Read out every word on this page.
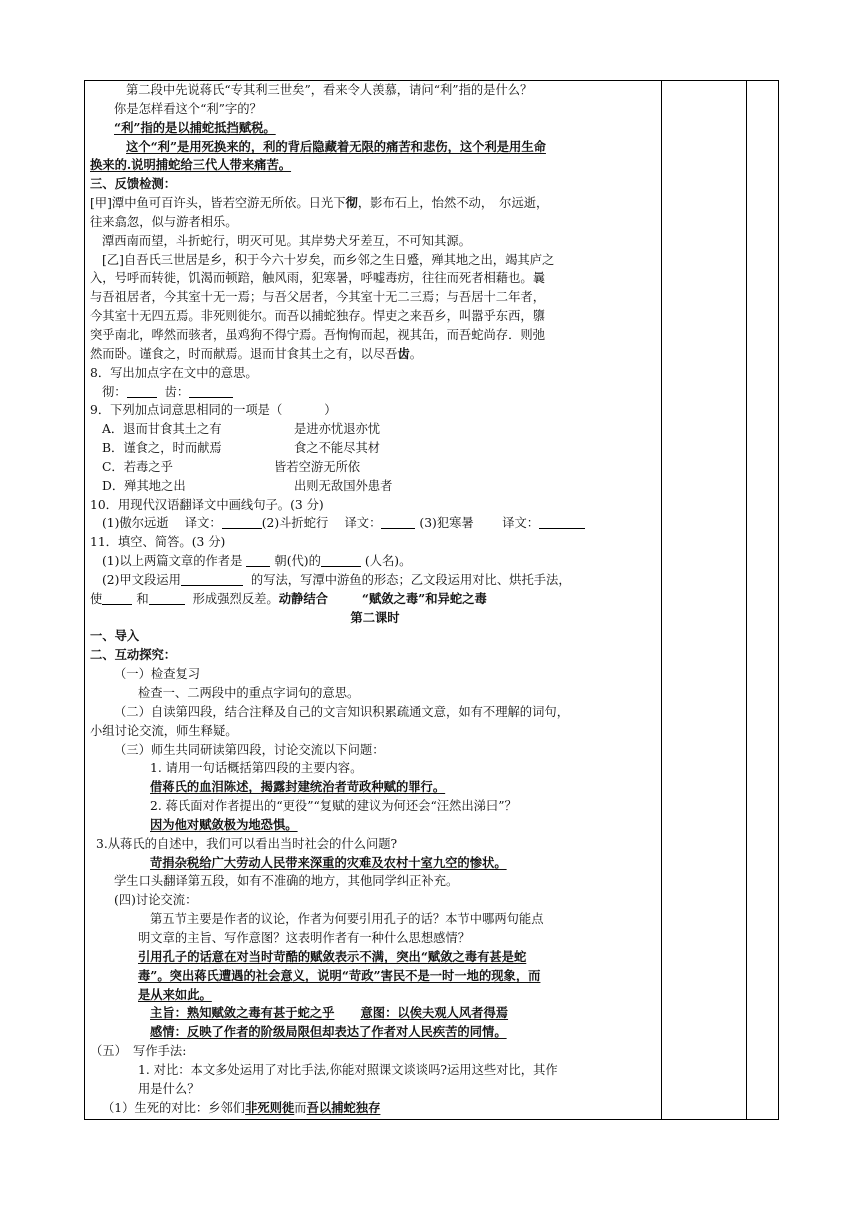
第二段中先说蒋氏“专其利三世矣”，看来令人羡慕，请问“利”指的是什么？
你是怎样看这个“利”字的？
“利”指的是以捕蛇抵挡赋税。
这个“利”是用死换来的，利的背后隐藏着无限的痛苦和悲伤，这个利是用生命
换来的.说明捕蛇给三代人带来痛苦。
三、反馈检测：
[甲]潭中鱼可百许头，皆若空游无所依。日光下彻，影布石上，怡然不动， 尔远逝，
往来翕忽，似与游者相乐。
潭西南而望，斗折蛇行，明灭可见。其岸势犬牙差互，不可知其源。
[乙]自吾氏三世居是乡，积于今六十岁矣，而乡邻之生日蹙，殚其地之出，竭其庐之
入，号呼而转徙，饥渴而顿踣，触风雨，犯寒暑，呼嘘毒疠，往往而死者相藉也。曩
与吾祖居者，今其室十无一焉；与吾父居者，今其室十无二三焉；与吾居十二年者，
今其室十无四五焉。非死则徙尔。而吾以捕蛇独存。悍吏之来吾乡，叫嚣乎东西，隳
突乎南北，哗然而骇者，虽鸡狗不得宁焉。吾恂恂而起，视其缶，而吾蛇尚存．则弛
然而卧。谨食之，时而献焉。退而甘食其土之有，以尽吾齿。
8．写出加点字在文中的意思。
彻：	齿：
9．下列加点词意思相同的一项是（	）
A．退而甘食其土之有	是进亦忧退亦忧
B．谨食之，时而献焉	食之不能尽其材
C．若毒之乎	皆若空游无所依
D．殚其地之出	出则无敌国外患者
10．用现代汉语翻译文中画线句子。(3 分)
(1)傲尔远逝　 译文：	(2)斗折蛇行　 译文：	(3)犯寒暑　　 译文：
11．填空、简答。(3 分)
(1)以上两篇文章的作者是	朝(代)的	(人名)。
(2)甲文段运用	的写法，写潭中游鱼的形态；乙文段运用对比、烘托手法，
使	和	形成强烈反差。动静结合	“赋敛之毒”和异蛇之毒
第二课时
一、导入
二、互动探究：
（一）检查复习
检查一、二两段中的重点字词句的意思。
（二）自读第四段，结合注释及自己的文言知识积累疏通文意，如有不理解的词句，
小组讨论交流，师生释疑。
（三）师生共同研读第四段，讨论交流以下问题：
1. 请用一句话概括第四段的主要内容。
借蒋氏的血泪陈述，揭露封建统治者苛政种赋的罪行。
2. 蒋氏面对作者提出的“更役”“复赋的建议为何还会“汪然出涕曰”？
因为他对赋敛极为地恐惧。
3.从蒋氏的自述中，我们可以看出当时社会的什么问题?
苛捐杂税给广大劳动人民带来深重的灾难及农村十室九空的惨状。
学生口头翻译第五段，如有不准确的地方，其他同学纠正补充。
(四)讨论交流：
第五节主要是作者的议论，作者为何要引用孔子的话？本节中哪两句能点
明文章的主旨、写作意图？这表明作者有一种什么思想感情？
引用孔子的话意在对当时苛酷的赋敛表示不满，突出“赋敛之毒有甚是蛇
毒”。突出蒋氏遭遇的社会意义，说明“苛政”害民不是一时一地的现象，而
是从来如此。
主旨：熟知赋敛之毒有甚于蛇之乎 意图：以俟夫观人风者得焉
感情：反映了作者的阶级局限但却表达了作者对人民疾苦的同情。
（五）　写作手法:
1. 对比：本文多处运用了对比手法,你能对照课文谈谈吗?运用这些对比，其作
用是什么？
（1）生死的对比：乡邻们非死则徙而吾以捕蛇独存
